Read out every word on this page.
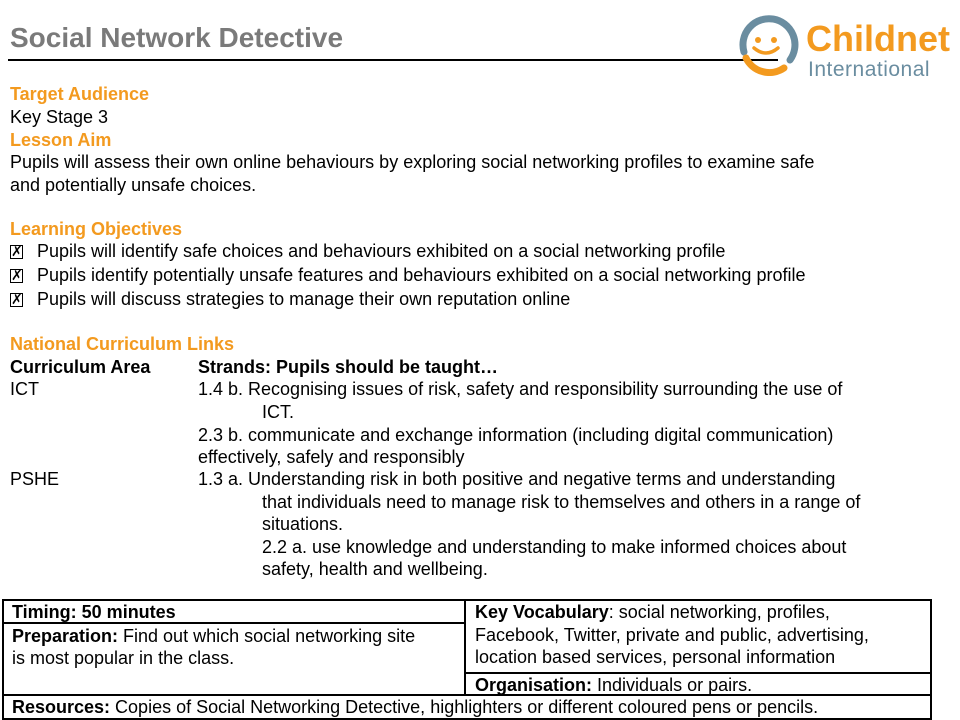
Social Network Detective	Childnet
International
Target Audience
Key Stage 3
Lesson Aim
Pupils will assess their own online behaviours by exploring social networking profiles to examine safe
and potentially unsafe choices.
Learning Objectives
✗Pupils will identify safe choices and behaviours exhibited on a social networking profile
✗Pupils identify potentially unsafe features and behaviours exhibited on a social networking profile
✗Pupils will discuss strategies to manage their own reputation online
National Curriculum Links
Curriculum Area	Strands: Pupils should be taught…
ICT	1.4 b. Recognising issues of risk, safety and responsibility surrounding the use of
ICT.
2.3 b. communicate and exchange information (including digital communication)
effectively, safely and responsibly
PSHE	1.3 a. Understanding risk in both positive and negative terms and understanding
that individuals need to manage risk to themselves and others in a range of
situations.
2.2 a. use knowledge and understanding to make informed choices about
safety, health and wellbeing.
Timing: 50 minutes
Preparation: Find out which social networking site
is most popular in the class.
Key Vocabulary: social networking, profiles,
Facebook, Twitter, private and public, advertising,
location based services, personal information
Organisation: Individuals or pairs.
Resources: Copies of Social Networking Detective, highlighters or different coloured pens or pencils.
